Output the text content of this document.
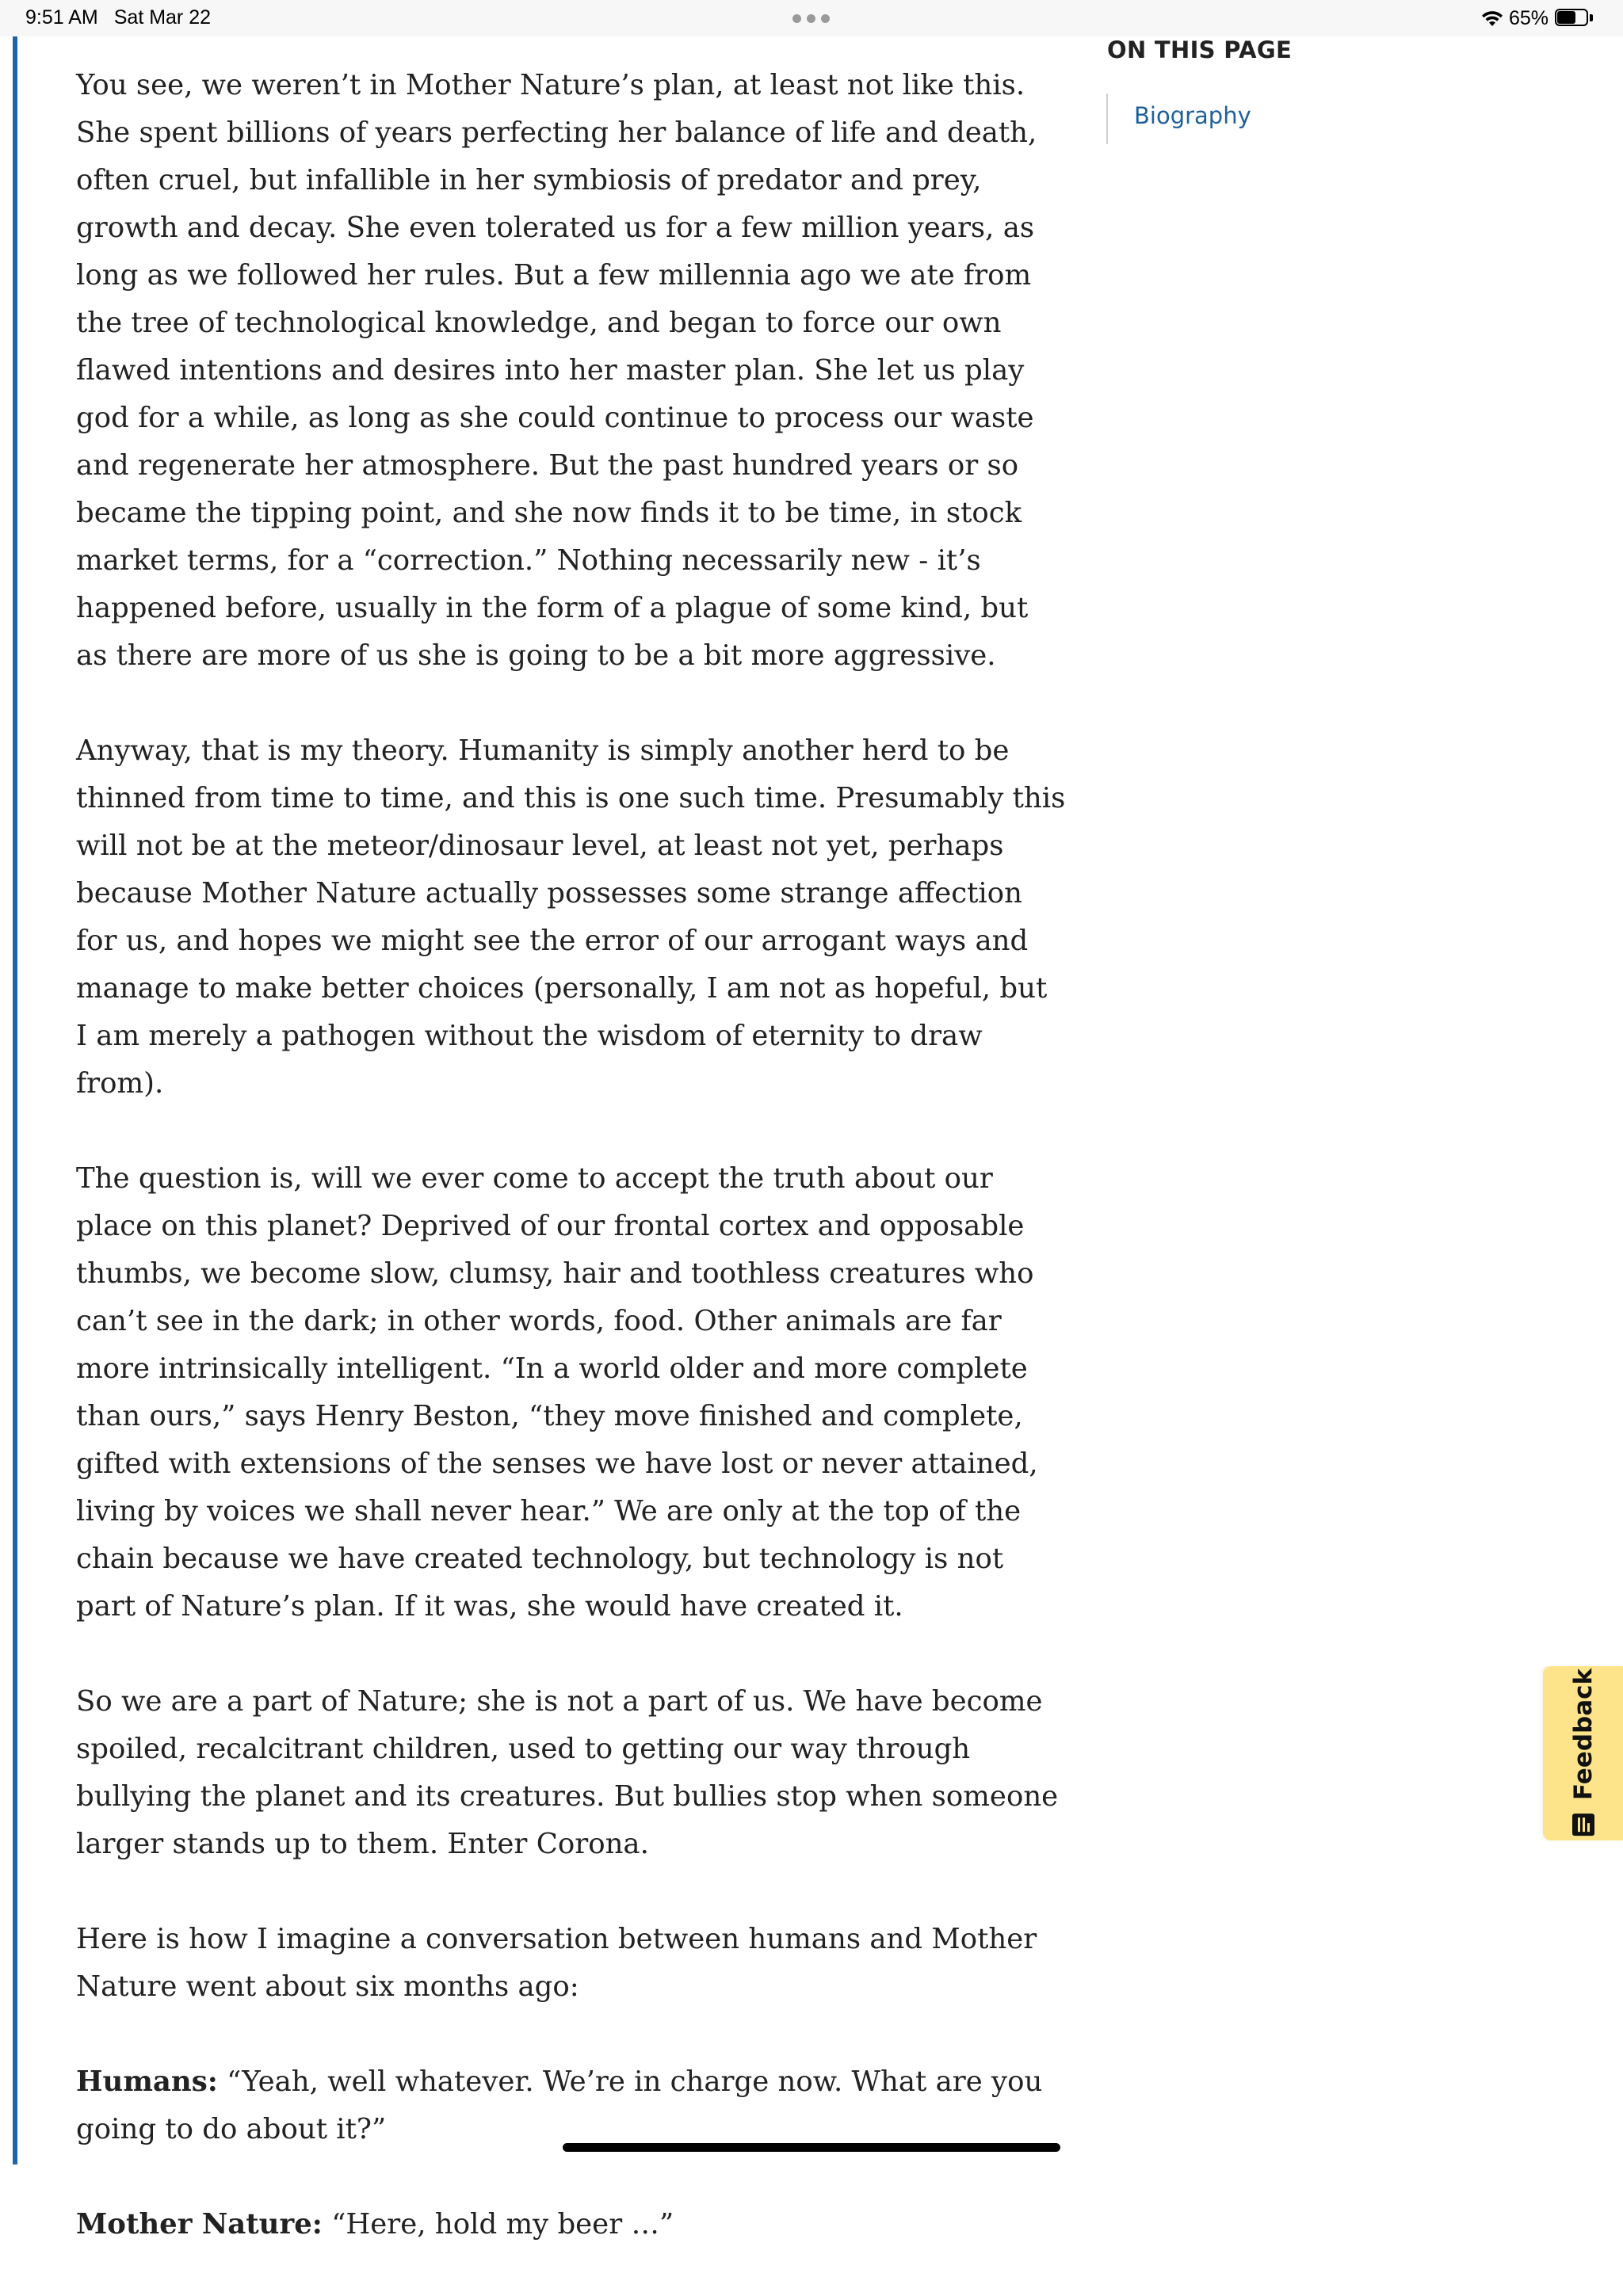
9:51 AM Sat Mar 22	65%

You see, we weren’t in Mother Nature’s plan, at least not like this. She spent billions of years perfecting her balance of life and death, often cruel, but infallible in her symbiosis of predator and prey, growth and decay. She even tolerated us for a few million years, as long as we followed her rules. But a few millennia ago we ate from the tree of technological knowledge, and began to force our own flawed intentions and desires into her master plan. She let us play god for a while, as long as she could continue to process our waste and regenerate her atmosphere. But the past hundred years or so became the tipping point, and she now finds it to be time, in stock market terms, for a “correction.” Nothing necessarily new - it’s happened before, usually in the form of a plague of some kind, but as there are more of us she is going to be a bit more aggressive.

Anyway, that is my theory. Humanity is simply another herd to be thinned from time to time, and this is one such time. Presumably this will not be at the meteor/dinosaur level, at least not yet, perhaps because Mother Nature actually possesses some strange affection for us, and hopes we might see the error of our arrogant ways and manage to make better choices (personally, I am not as hopeful, but I am merely a pathogen without the wisdom of eternity to draw from).

The question is, will we ever come to accept the truth about our place on this planet? Deprived of our frontal cortex and opposable thumbs, we become slow, clumsy, hair and toothless creatures who can’t see in the dark; in other words, food. Other animals are far more intrinsically intelligent. “In a world older and more complete than ours,” says Henry Beston, “they move finished and complete, gifted with extensions of the senses we have lost or never attained, living by voices we shall never hear.” We are only at the top of the chain because we have created technology, but technology is not part of Nature’s plan. If it was, she would have created it.

So we are a part of Nature; she is not a part of us. We have become spoiled, recalcitrant children, used to getting our way through bullying the planet and its creatures. But bullies stop when someone larger stands up to them. Enter Corona.

Here is how I imagine a conversation between humans and Mother Nature went about six months ago:

Humans: “Yeah, well whatever. We’re in charge now. What are you going to do about it?”

Mother Nature: “Here, hold my beer …”

ON THIS PAGE
Biography
Feedback
